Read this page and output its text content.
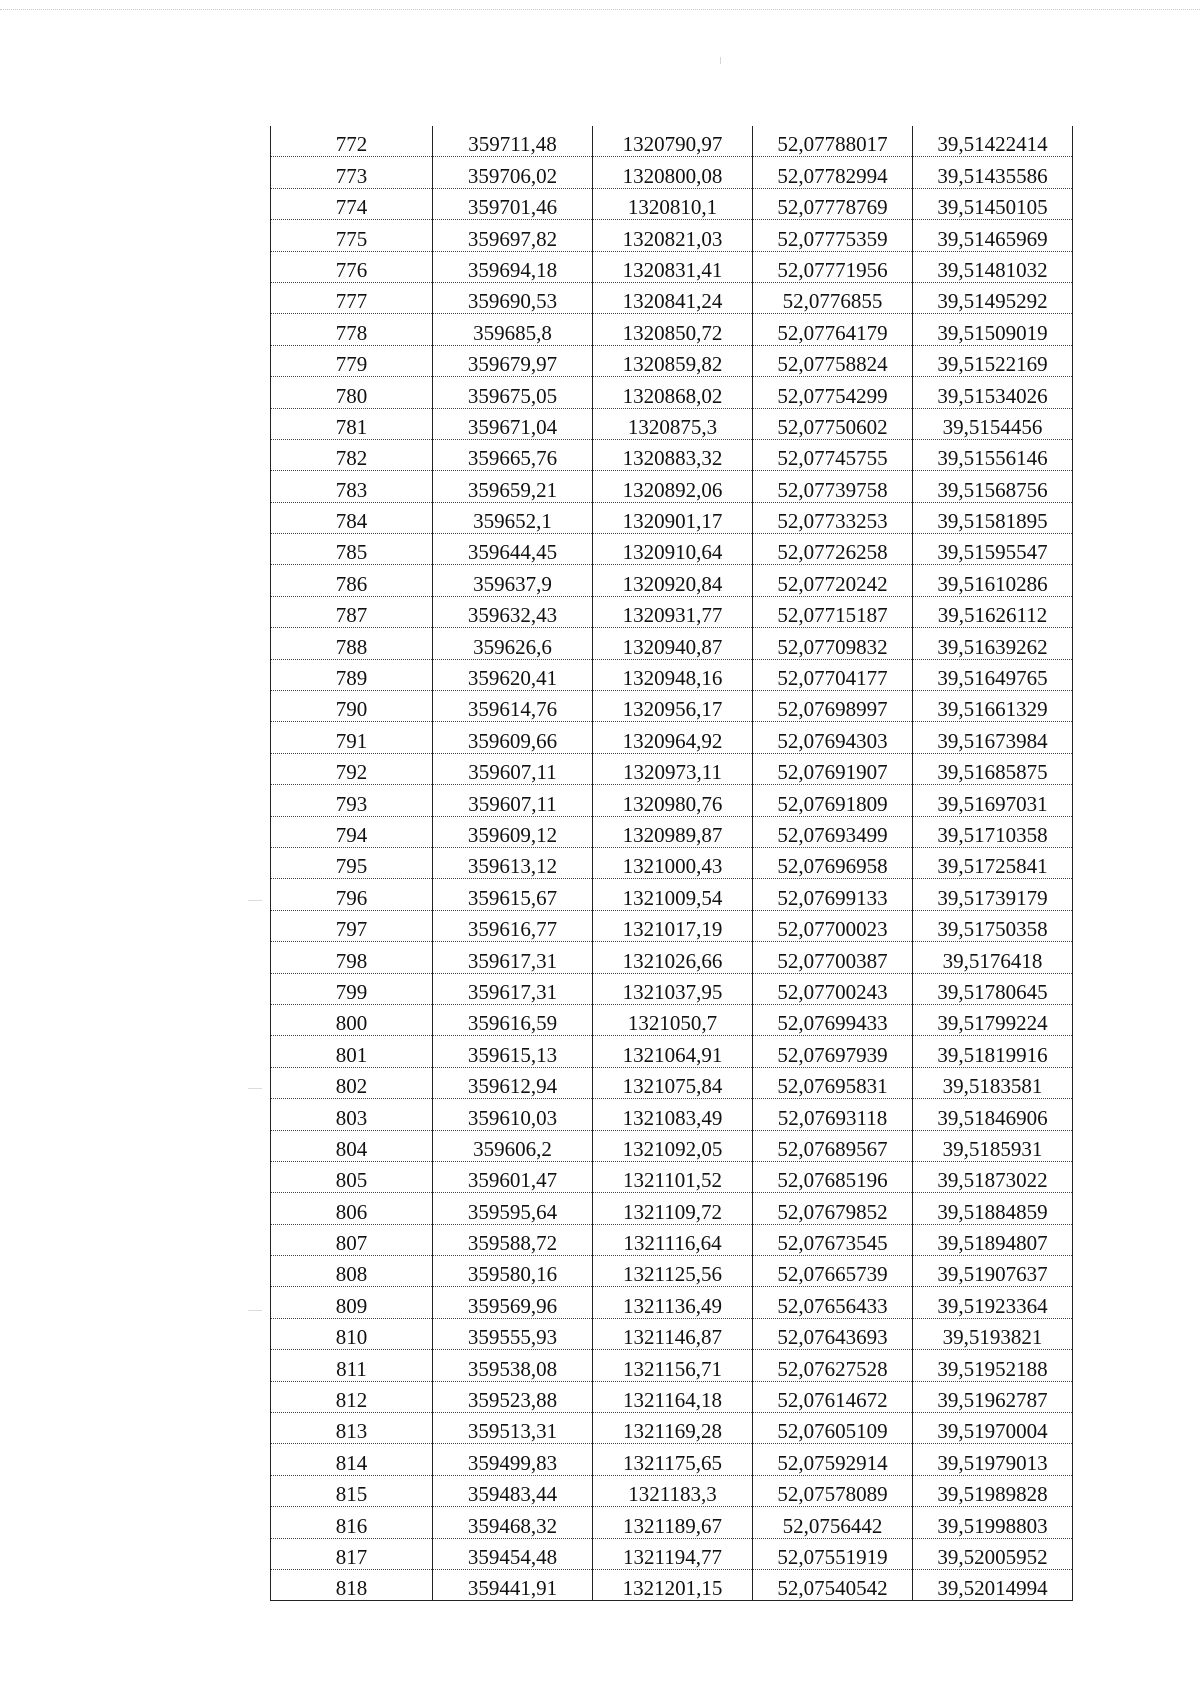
772	359711,48	1320790,97	52,07788017	39,51422414
773	359706,02	1320800,08	52,07782994	39,51435586
774	359701,46	1320810,1	52,07778769	39,51450105
775	359697,82	1320821,03	52,07775359	39,51465969
776	359694,18	1320831,41	52,07771956	39,51481032
777	359690,53	1320841,24	52,0776855	39,51495292
778	359685,8	1320850,72	52,07764179	39,51509019
779	359679,97	1320859,82	52,07758824	39,51522169
780	359675,05	1320868,02	52,07754299	39,51534026
781	359671,04	1320875,3	52,07750602	39,5154456
782	359665,76	1320883,32	52,07745755	39,51556146
783	359659,21	1320892,06	52,07739758	39,51568756
784	359652,1	1320901,17	52,07733253	39,51581895
785	359644,45	1320910,64	52,07726258	39,51595547
786	359637,9	1320920,84	52,07720242	39,51610286
787	359632,43	1320931,77	52,07715187	39,51626112
788	359626,6	1320940,87	52,07709832	39,51639262
789	359620,41	1320948,16	52,07704177	39,51649765
790	359614,76	1320956,17	52,07698997	39,51661329
791	359609,66	1320964,92	52,07694303	39,51673984
792	359607,11	1320973,11	52,07691907	39,51685875
793	359607,11	1320980,76	52,07691809	39,51697031
794	359609,12	1320989,87	52,07693499	39,51710358
795	359613,12	1321000,43	52,07696958	39,51725841
796	359615,67	1321009,54	52,07699133	39,51739179
797	359616,77	1321017,19	52,07700023	39,51750358
798	359617,31	1321026,66	52,07700387	39,5176418
799	359617,31	1321037,95	52,07700243	39,51780645
800	359616,59	1321050,7	52,07699433	39,51799224
801	359615,13	1321064,91	52,07697939	39,51819916
802	359612,94	1321075,84	52,07695831	39,5183581
803	359610,03	1321083,49	52,07693118	39,51846906
804	359606,2	1321092,05	52,07689567	39,5185931
805	359601,47	1321101,52	52,07685196	39,51873022
806	359595,64	1321109,72	52,07679852	39,51884859
807	359588,72	1321116,64	52,07673545	39,51894807
808	359580,16	1321125,56	52,07665739	39,51907637
809	359569,96	1321136,49	52,07656433	39,51923364
810	359555,93	1321146,87	52,07643693	39,5193821
811	359538,08	1321156,71	52,07627528	39,51952188
812	359523,88	1321164,18	52,07614672	39,51962787
813	359513,31	1321169,28	52,07605109	39,51970004
814	359499,83	1321175,65	52,07592914	39,51979013
815	359483,44	1321183,3	52,07578089	39,51989828
816	359468,32	1321189,67	52,0756442	39,51998803
817	359454,48	1321194,77	52,07551919	39,52005952
818	359441,91	1321201,15	52,07540542	39,52014994
